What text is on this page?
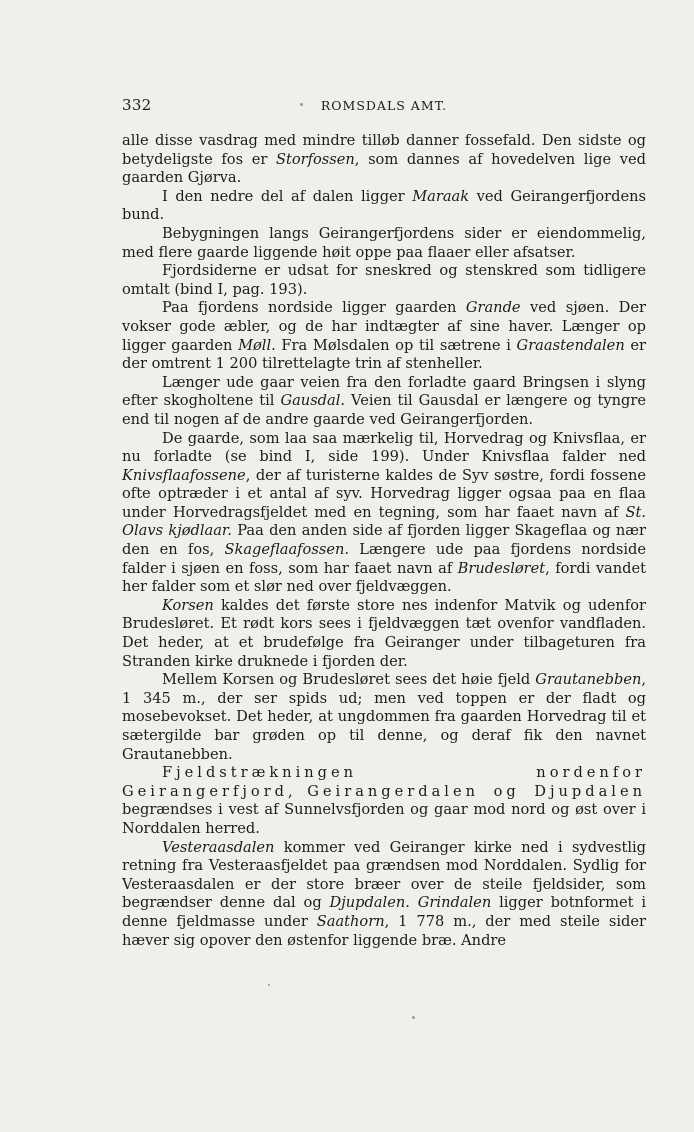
332	ROMSDALS AMT.

alle disse vasdrag med mindre tilløb danner fossefald. Den sidste og betydeligste fos er Storfossen, som dannes af hovedelven lige ved gaarden Gjørva.

I den nedre del af dalen ligger Maraak ved Geirangerfjordens bund.

Bebygningen langs Geirangerfjordens sider er eiendommelig, med flere gaarde liggende høit oppe paa flaaer eller afsatser.

Fjordsiderne er udsat for sneskred og stenskred som tidligere omtalt (bind I, pag. 193).

Paa fjordens nordside ligger gaarden Grande ved sjøen. Der vokser gode æbler, og de har indtægter af sine haver. Længer op ligger gaarden Møll. Fra Mølsdalen op til sætrene i Graastendalen er der omtrent 1 200 tilrettelagte trin af stenheller.

Længer ude gaar veien fra den forladte gaard Bringsen i slyng efter skogholtene til Gausdal. Veien til Gausdal er længere og tyngre end til nogen af de andre gaarde ved Geirangerfjorden.

De gaarde, som laa saa mærkelig til, Horvedrag og Knivsflaa, er nu forladte (se bind I, side 199). Under Knivsflaa falder ned Knivsflaafossene, der af turisterne kaldes de Syv søstre, fordi fossene ofte optræder i et antal af syv. Horvedrag ligger ogsaa paa en flaa under Horvedragsfjeldet med en tegning, som har faaet navn af St. Olavs kjødlaar. Paa den anden side af fjorden ligger Skageflaa og nær den en fos, Skageflaafossen. Længere ude paa fjordens nordside falder i sjøen en foss, som har faaet navn af Brudesløret, fordi vandet her falder som et slør ned over fjeldvæggen.

Korsen kaldes det første store nes indenfor Matvik og udenfor Brudesløret. Et rødt kors sees i fjeldvæggen tæt ovenfor vandfladen. Det heder, at et brudefølge fra Geiranger under tilbageturen fra Stranden kirke druknede i fjorden der.

Mellem Korsen og Brudesløret sees det høie fjeld Grautanebben, 1 345 m., der ser spids ud; men ved toppen er der fladt og mosebevokset. Det heder, at ungdommen fra gaarden Horvedrag til et sætergilde bar grøden op til denne, og deraf fik den navnet Grautanebben.

Fjeldstrækningen nordenfor Geirangerfjord, Geirangerdalen og Djupdalen begrændses i vest af Sunnelvsfjorden og gaar mod nord og øst over i Norddalen herred.

Vesteraasdalen kommer ved Geiranger kirke ned i sydvestlig retning fra Vesteraasfjeldet paa grændsen mod Norddalen. Sydlig for Vesteraasdalen er der store bræer over de steile fjeldsider, som begrændser denne dal og Djupdalen. Grindalen ligger botnformet i denne fjeldmasse under Saathorn, 1 778 m., der med steile sider hæver sig opover den østenfor liggende bræ. Andre
